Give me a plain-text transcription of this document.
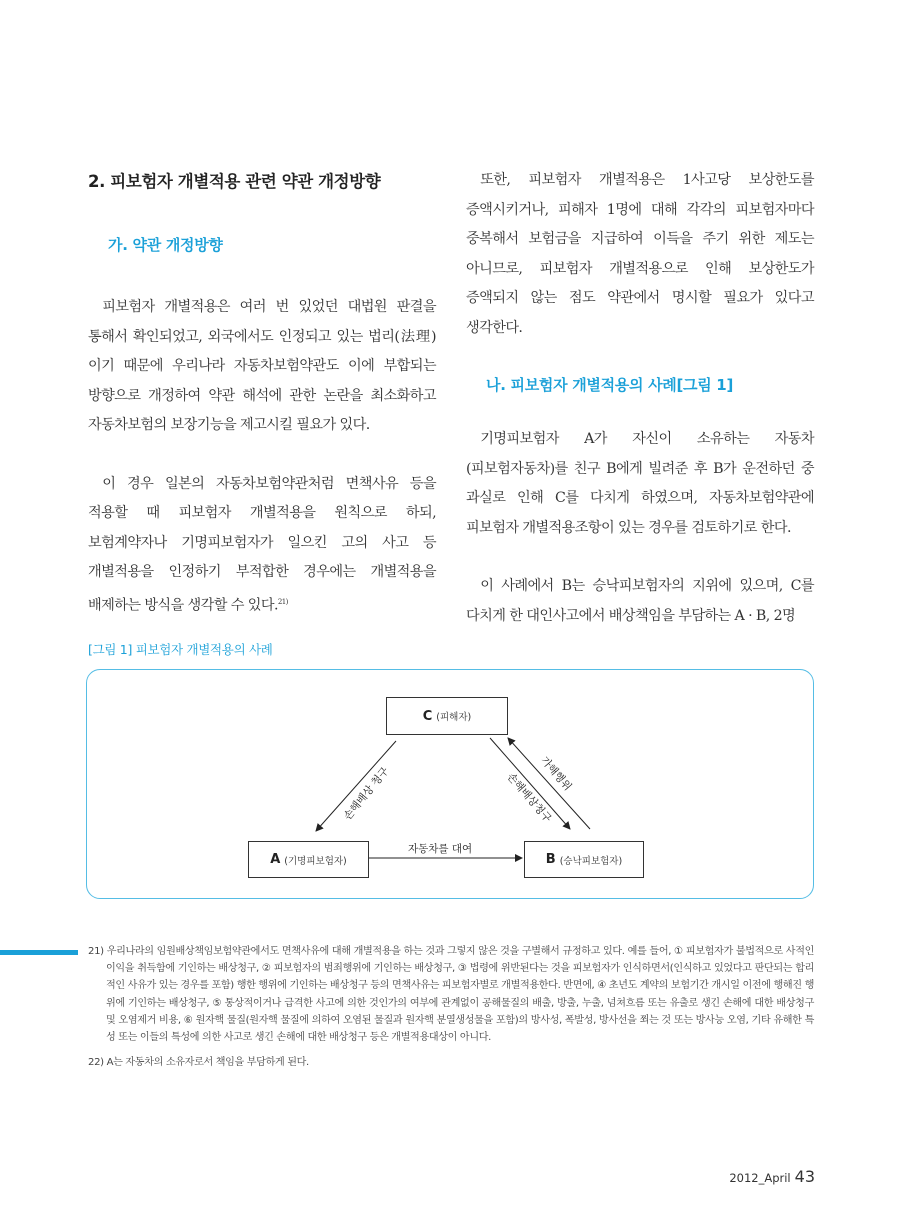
2. 피보험자 개별적용 관련 약관 개정방향
가. 약관 개정방향

피보험자 개별적용은 여러 번 있었던 대법원 판결을 통해서 확인되었고, 외국에서도 인정되고 있는 법리(法理)이기 때문에 우리나라 자동차보험약관도 이에 부합되는 방향으로 개정하여 약관 해석에 관한 논란을 최소화하고 자동차보험의 보장기능을 제고시킬 필요가 있다.

이 경우 일본의 자동차보험약관처럼 면책사유 등을 적용할 때 피보험자 개별적용을 원칙으로 하되, 보험계약자나 기명피보험자가 일으킨 고의 사고 등 개별적용을 인정하기 부적합한 경우에는 개별적용을 배제하는 방식을 생각할 수 있다.$^{21)}$

또한, 피보험자 개별적용은 1사고당 보상한도를 증액시키거나, 피해자 1명에 대해 각각의 피보험자마다 중복해서 보험금을 지급하여 이득을 주기 위한 제도는 아니므로, 피보험자 개별적용으로 인해 보상한도가 증액되지 않는 점도 약관에서 명시할 필요가 있다고 생각한다.

나. 피보험자 개별적용의 사례[그림 1]

기명피보험자 A가 자신이 소유하는 자동차(피보험자동차)를 친구 B에게 빌려준 후 B가 운전하던 중 과실로 인해 C를 다치게 하였으며, 자동차보험약관에 피보험자 개별적용조항이 있는 경우를 검토하기로 한다.

이 사례에서 B는 승낙피보험자의 지위에 있으며, C를 다치게 한 대인사고에서 배상책임을 부담하는 A · B, 2명

[그림 1] 피보험자 개별적용의 사례
C (피해자)
A (기명피보험자)	B (승낙피보험자)
손해배상 청구	손해배상청구
가해행위
자동차를 대여

21) 우리나라의 임원배상책임보험약관에서도 면책사유에 대해 개별적용을 하는 것과 그렇지 않은 것을 구별해서 규정하고 있다. 예를 들어, ① 피보험자가 불법적으로 사적인 이익을 취득함에 기인하는 배상청구, ② 피보험자의 범죄행위에 기인하는 배상청구, ③ 법령에 위반된다는 것을 피보험자가 인식하면서(인식하고 있었다고 판단되는 합리적인 사유가 있는 경우를 포함) 행한 행위에 기인하는 배상청구 등의 면책사유는 피보험자별로 개별적용한다. 반면에, ④ 초년도 계약의 보험기간 개시일 이전에 행해진 행위에 기인하는 배상청구, ⑤ 통상적이거나 급격한 사고에 의한 것인가의 여부에 관계없이 공해물질의 배출, 방출, 누출, 넘쳐흐름 또는 유출로 생긴 손해에 대한 배상청구 및 오염제거 비용, ⑥ 원자핵 물질(원자핵 물질에 의하여 오염된 물질과 원자핵 분열생성물을 포함)의 방사성, 폭발성, 방사선을 쬐는 것 또는 방사능 오염, 기타 유해한 특성 또는 이들의 특성에 의한 사고로 생긴 손해에 대한 배상청구 등은 개별적용대상이 아니다.

22) A는 자동차의 소유자로서 책임을 부담하게 된다.

2012_April 43
